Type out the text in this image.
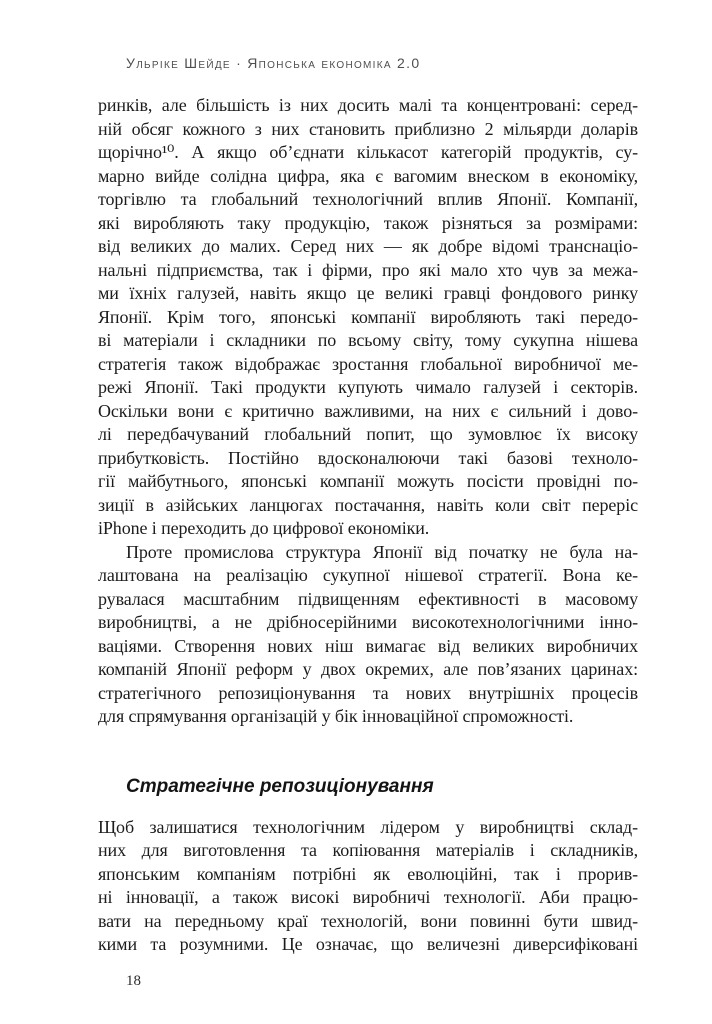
Ульріке Шейде · Японська економіка 2.0
ринків, але більшість із них досить малі та концентровані: серед-
ній обсяг кожного з них становить приблизно 2 мільярди доларів
щорічно¹⁰. А якщо об’єднати кількасот категорій продуктів, су-
марно вийде солідна цифра, яка є вагомим внеском в економіку,
торгівлю та глобальний технологічний вплив Японії. Компанії,
які виробляють таку продукцію, також різняться за розмірами:
від великих до малих. Серед них — як добре відомі транснаціо-
нальні підприємства, так і фірми, про які мало хто чув за межа-
ми їхніх галузей, навіть якщо це великі гравці фондового ринку
Японії. Крім того, японські компанії виробляють такі передо-
ві матеріали і складники по всьому світу, тому сукупна нішева
стратегія також відображає зростання глобальної виробничої ме-
режі Японії. Такі продукти купують чимало галузей і секторів.
Оскільки вони є критично важливими, на них є сильний і дово-
лі передбачуваний глобальний попит, що зумовлює їх високу
прибутковість. Постійно вдосконалюючи такі базові техноло-
гії майбутнього, японські компанії можуть посісти провідні по-
зиції в азійських ланцюгах постачання, навіть коли світ переріс
iPhone і переходить до цифрової економіки.
Проте промислова структура Японії від початку не була на-
лаштована на реалізацію сукупної нішевої стратегії. Вона ке-
рувалася масштабним підвищенням ефективності в масовому
виробництві, а не дрібносерійними високотехнологічними інно-
ваціями. Створення нових ніш вимагає від великих виробничих
компаній Японії реформ у двох окремих, але пов’язаних царинах:
стратегічного репозиціонування та нових внутрішніх процесів
для спрямування організацій у бік інноваційної спроможності.
Стратегічне репозиціонування
Щоб залишатися технологічним лідером у виробництві склад-
них для виготовлення та копіювання матеріалів і складників,
японським компаніям потрібні як еволюційні, так і прорив-
ні інновації, а також високі виробничі технології. Аби працю-
вати на передньому краї технологій, вони повинні бути швид-
кими та розумними. Це означає, що величезні диверсифіковані
18
